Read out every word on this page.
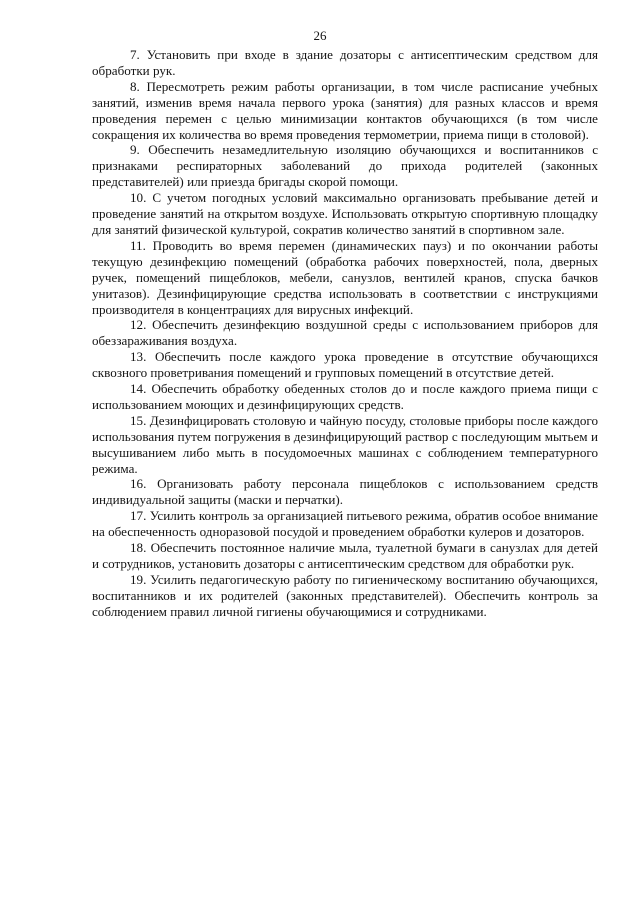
26

7. Установить при входе в здание дозаторы с антисептическим средством для обработки рук.

8. Пересмотреть режим работы организации, в том числе расписание учебных занятий, изменив время начала первого урока (занятия) для разных классов и время проведения перемен с целью минимизации контактов обучающихся (в том числе сокращения их количества во время проведения термометрии, приема пищи в столовой).

9. Обеспечить незамедлительную изоляцию обучающихся и воспитанников с признаками респираторных заболеваний до прихода родителей (законных представителей) или приезда бригады скорой помощи.

10. С учетом погодных условий максимально организовать пребывание детей и проведение занятий на открытом воздухе. Использовать открытую спортивную площадку для занятий физической культурой, сократив количество занятий в спортивном зале.

11. Проводить во время перемен (динамических пауз) и по окончании работы текущую дезинфекцию помещений (обработка рабочих поверхностей, пола, дверных ручек, помещений пищеблоков, мебели, санузлов, вентилей кранов, спуска бачков унитазов). Дезинфицирующие средства использовать в соответствии с инструкциями производителя в концентрациях для вирусных инфекций.

12. Обеспечить дезинфекцию воздушной среды с использованием приборов для обеззараживания воздуха.

13. Обеспечить после каждого урока проведение в отсутствие обучающихся сквозного проветривания помещений и групповых помещений в отсутствие детей.

14. Обеспечить обработку обеденных столов до и после каждого приема пищи с использованием моющих и дезинфицирующих средств.

15. Дезинфицировать столовую и чайную посуду, столовые приборы после каждого использования путем погружения в дезинфицирующий раствор с последующим мытьем и высушиванием либо мыть в посудомоечных машинах с соблюдением температурного режима.

16. Организовать работу персонала пищеблоков с использованием средств индивидуальной защиты (маски и перчатки).

17. Усилить контроль за организацией питьевого режима, обратив особое внимание на обеспеченность одноразовой посудой и проведением обработки кулеров и дозаторов.

18. Обеспечить постоянное наличие мыла, туалетной бумаги в санузлах для детей и сотрудников, установить дозаторы с антисептическим средством для обработки рук.

19. Усилить педагогическую работу по гигиеническому воспитанию обучающихся, воспитанников и их родителей (законных представителей). Обеспечить контроль за соблюдением правил личной гигиены обучающимися и сотрудниками.
